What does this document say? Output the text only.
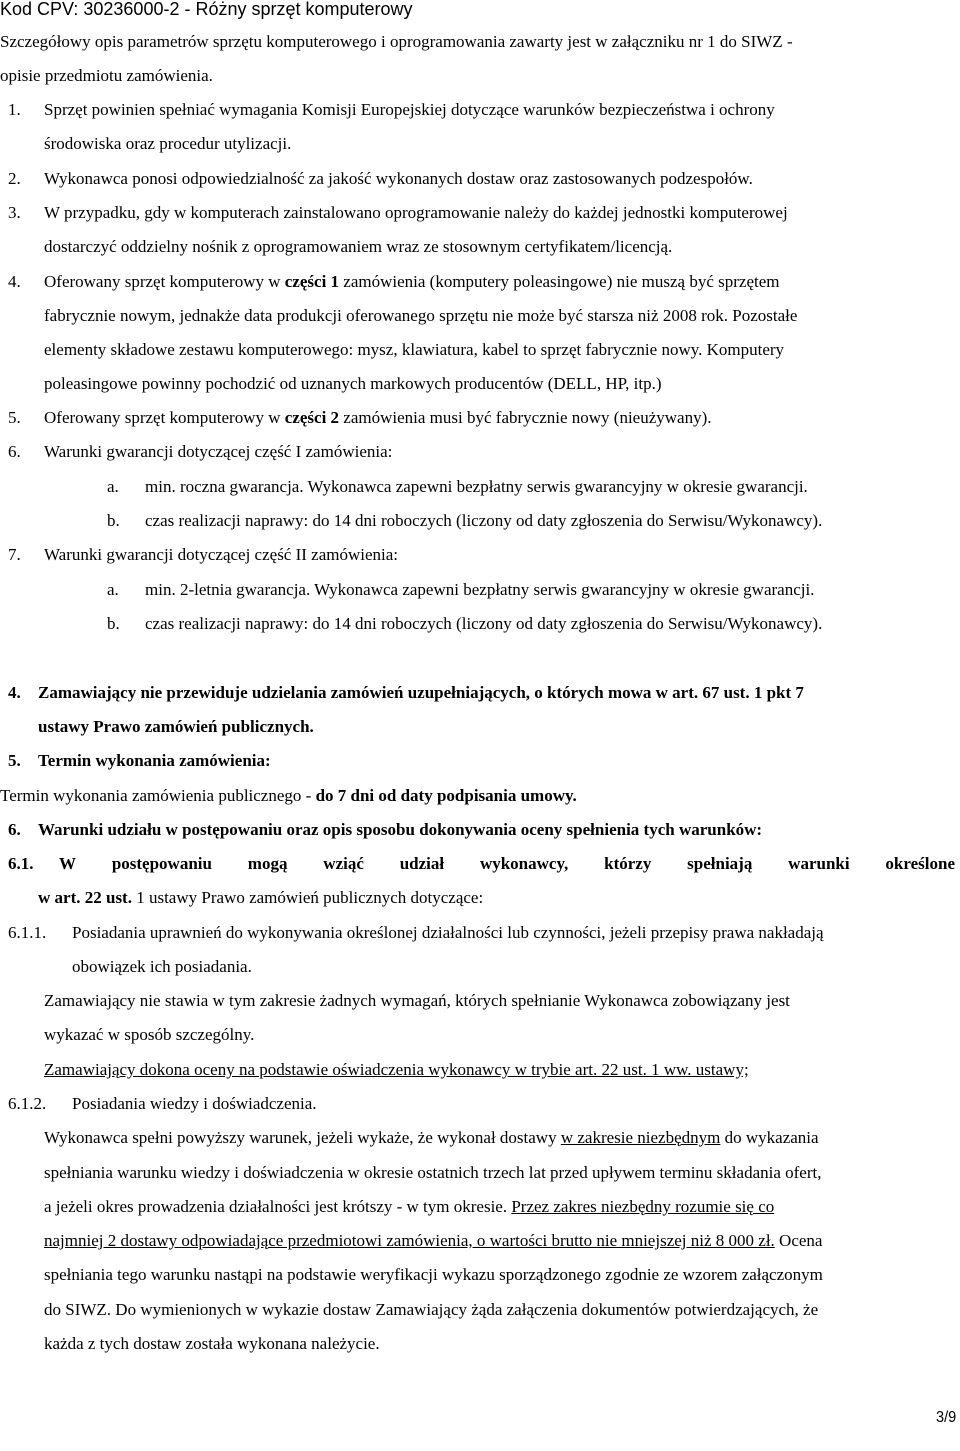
Kod CPV: 30236000-2 - Różny sprzęt komputerowy
Szczegółowy opis parametrów sprzętu komputerowego i oprogramowania zawarty jest w załączniku nr 1 do SIWZ -
opisie przedmiotu zamówienia.
1. Sprzęt powinien spełniać wymagania Komisji Europejskiej dotyczące warunków bezpieczeństwa i ochrony
środowiska oraz procedur utylizacji.
2. Wykonawca ponosi odpowiedzialność za jakość wykonanych dostaw oraz zastosowanych podzespołów.
3. W przypadku, gdy w komputerach zainstalowano oprogramowanie należy do każdej jednostki komputerowej
dostarczyć oddzielny nośnik z oprogramowaniem wraz ze stosownym certyfikatem/licencją.
4. Oferowany sprzęt komputerowy w części 1 zamówienia (komputery poleasingowe) nie muszą być sprzętem
fabrycznie nowym, jednakże data produkcji oferowanego sprzętu nie może być starsza niż 2008 rok. Pozostałe
elementy składowe zestawu komputerowego: mysz, klawiatura, kabel to sprzęt fabrycznie nowy. Komputery
poleasingowe powinny pochodzić od uznanych markowych producentów (DELL, HP, itp.)
5. Oferowany sprzęt komputerowy w części 2 zamówienia musi być fabrycznie nowy (nieużywany).
6. Warunki gwarancji dotyczącej część I zamówienia:
a. min. roczna gwarancja. Wykonawca zapewni bezpłatny serwis gwarancyjny w okresie gwarancji.
b. czas realizacji naprawy: do 14 dni roboczych (liczony od daty zgłoszenia do Serwisu/Wykonawcy).
7. Warunki gwarancji dotyczącej część II zamówienia:
a. min. 2-letnia gwarancja. Wykonawca zapewni bezpłatny serwis gwarancyjny w okresie gwarancji.
b. czas realizacji naprawy: do 14 dni roboczych (liczony od daty zgłoszenia do Serwisu/Wykonawcy).
4. Zamawiający nie przewiduje udzielania zamówień uzupełniających, o których mowa w art. 67 ust. 1 pkt 7
ustawy Prawo zamówień publicznych.
5. Termin wykonania zamówienia:
Termin wykonania zamówienia publicznego - do 7 dni od daty podpisania umowy.
6. Warunki udziału w postępowaniu oraz opis sposobu dokonywania oceny spełnienia tych warunków:
6.1. W postępowaniu mogą wziąć udział wykonawcy, którzy spełniają warunki określone
w art. 22 ust. 1 ustawy Prawo zamówień publicznych dotyczące:
6.1.1. Posiadania uprawnień do wykonywania określonej działalności lub czynności, jeżeli przepisy prawa nakładają
obowiązek ich posiadania.
Zamawiający nie stawia w tym zakresie żadnych wymagań, których spełnianie Wykonawca zobowiązany jest
wykazać w sposób szczególny.
Zamawiający dokona oceny na podstawie oświadczenia wykonawcy w trybie art. 22 ust. 1 ww. ustawy;
6.1.2. Posiadania wiedzy i doświadczenia.
Wykonawca spełni powyższy warunek, jeżeli wykaże, że wykonał dostawy w zakresie niezbędnym do wykazania
spełniania warunku wiedzy i doświadczenia w okresie ostatnich trzech lat przed upływem terminu składania ofert,
a jeżeli okres prowadzenia działalności jest krótszy - w tym okresie. Przez zakres niezbędny rozumie się co
najmniej 2 dostawy odpowiadające przedmiotowi zamówienia, o wartości brutto nie mniejszej niż 8 000 zł. Ocena
spełniania tego warunku nastąpi na podstawie weryfikacji wykazu sporządzonego zgodnie ze wzorem załączonym
do SIWZ. Do wymienionych w wykazie dostaw Zamawiający żąda załączenia dokumentów potwierdzających, że
każda z tych dostaw została wykonana należycie.
3/9
